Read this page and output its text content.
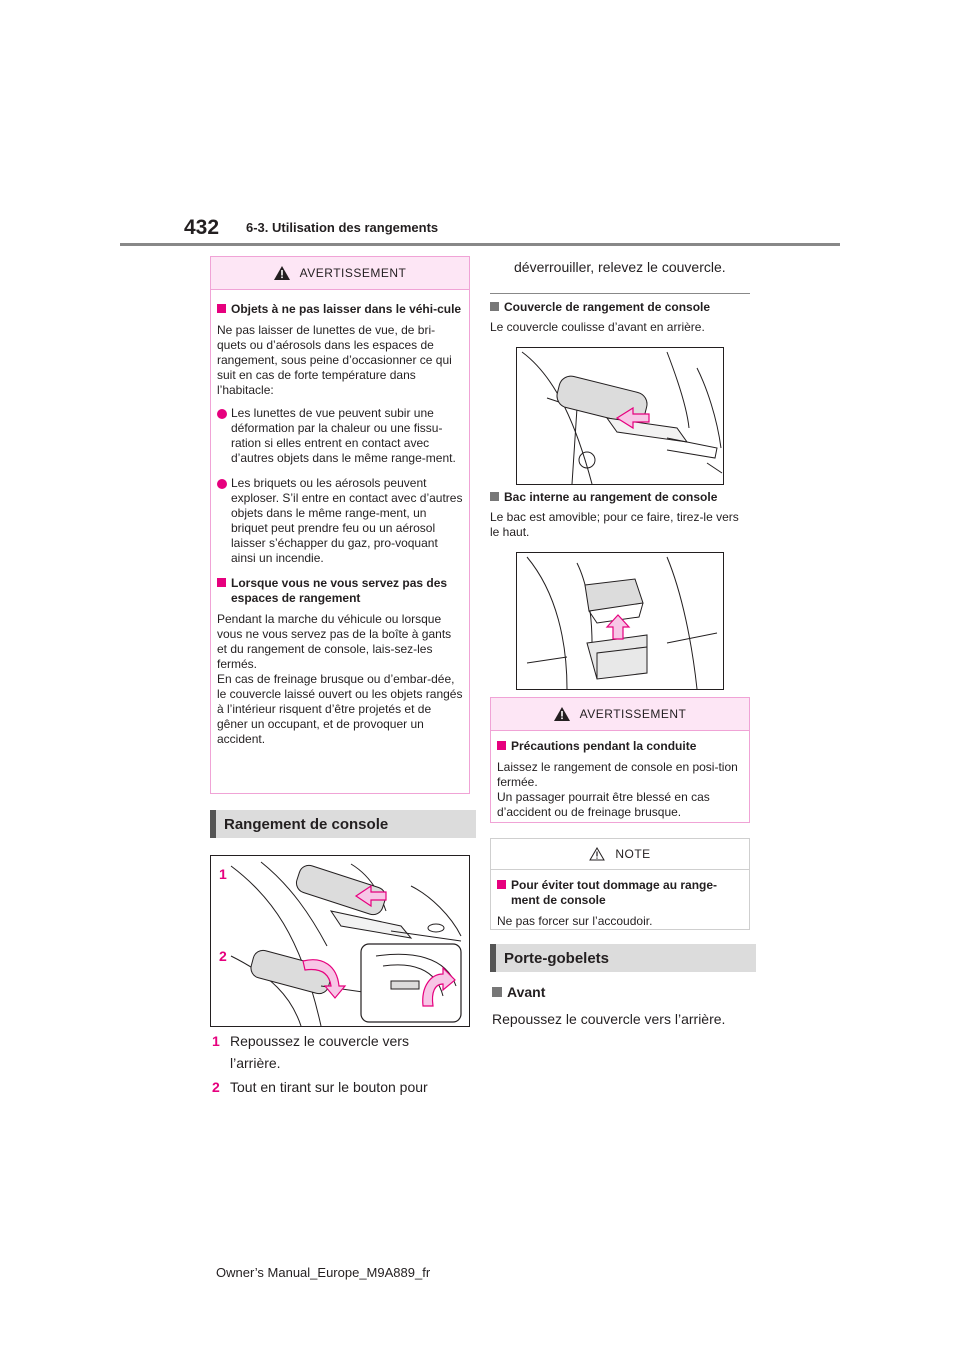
432 6-3. Utilisation des rangements
AVERTISSEMENT
Objets à ne pas laisser dans le véhi-cule
Ne pas laisser de lunettes de vue, de bri-quets ou d’aérosols dans les espaces de rangement, sous peine d’occasionner ce qui suit en cas de forte température dans l’habitacle:
Les lunettes de vue peuvent subir une déformation par la chaleur ou une fissu-ration si elles entrent en contact avec d’autres objets dans le même range-ment.
Les briquets ou les aérosols peuvent exploser. S’il entre en contact avec d’autres objets dans le même range-ment, un briquet peut prendre feu ou un aérosol laisser s’échapper du gaz, pro-voquant ainsi un incendie.
Lorsque vous ne vous servez pas des espaces de rangement
Pendant la marche du véhicule ou lorsque vous ne vous servez pas de la boîte à gants et du rangement de console, lais-sez-les fermés.
En cas de freinage brusque ou d’embar-dée, le couvercle laissé ouvert ou les objets rangés à l’intérieur risquent d’être projetés et de gêner un occupant, et de provoquer un accident.
Rangement de console
1
2
1 Repoussez le couvercle vers l’arrière.
2 Tout en tirant sur le bouton pour
déverrouiller, relevez le couvercle.
Couvercle de rangement de console
Le couvercle coulisse d’avant en arrière.
Bac interne au rangement de console
Le bac est amovible; pour ce faire, tirez-le vers le haut.
AVERTISSEMENT
Précautions pendant la conduite
Laissez le rangement de console en posi-tion fermée.
Un passager pourrait être blessé en cas d’accident ou de freinage brusque.
NOTE
Pour éviter tout dommage au range-ment de console
Ne pas forcer sur l’accoudoir.
Porte-gobelets
Avant
Repoussez le couvercle vers l’arrière.
Owner’s Manual_Europe_M9A889_fr
